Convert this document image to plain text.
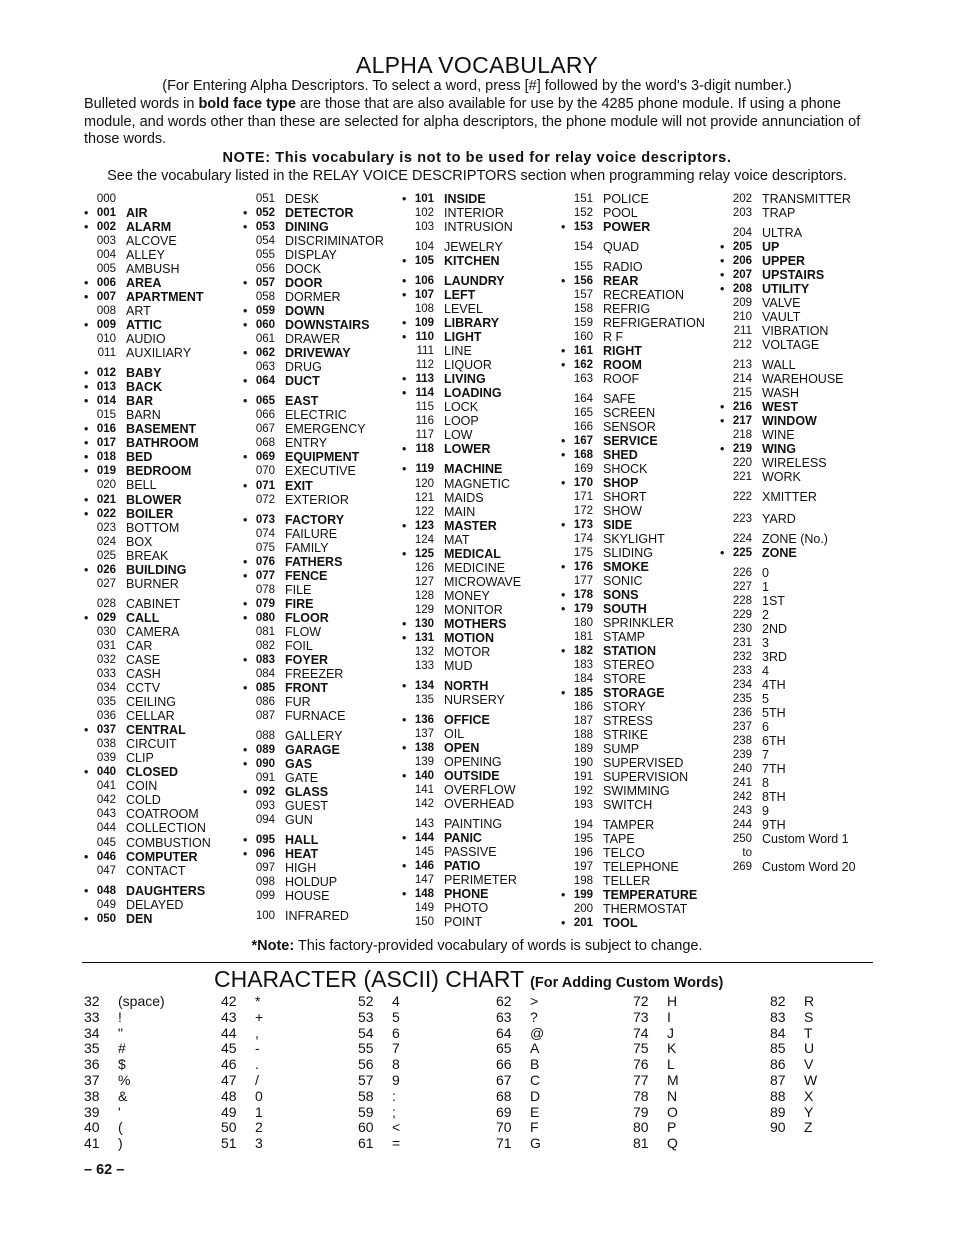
ALPHA VOCABULARY
(For Entering Alpha Descriptors. To select a word, press [#] followed by the word's 3-digit number.)
Bulleted words in bold face type are those that are also available for use by the 4285 phone module. If using a phone module, and words other than these are selected for alpha descriptors, the phone module will not provide annunciation of those words.
NOTE: This vocabulary is not to be used for relay voice descriptors.
See the vocabulary listed in the RELAY VOICE DESCRIPTORS section when programming relay voice descriptors.
000
• 001 AIR
• 002 ALARM
003 ALCOVE
004 ALLEY
005 AMBUSH
• 006 AREA
• 007 APARTMENT
008 ART
• 009 ATTIC
010 AUDIO
011 AUXILIARY
• 012 BABY
• 013 BACK
• 014 BAR
015 BARN
• 016 BASEMENT
• 017 BATHROOM
• 018 BED
• 019 BEDROOM
020 BELL
• 021 BLOWER
• 022 BOILER
023 BOTTOM
024 BOX
025 BREAK
• 026 BUILDING
027 BURNER
028 CABINET
• 029 CALL
030 CAMERA
031 CAR
032 CASE
033 CASH
034 CCTV
035 CEILING
036 CELLAR
• 037 CENTRAL
038 CIRCUIT
039 CLIP
• 040 CLOSED
041 COIN
042 COLD
043 COATROOM
044 COLLECTION
045 COMBUSTION
• 046 COMPUTER
047 CONTACT
• 048 DAUGHTERS
049 DELAYED
• 050 DEN
051 DESK
• 052 DETECTOR
• 053 DINING
054 DISCRIMINATOR
055 DISPLAY
056 DOCK
• 057 DOOR
058 DORMER
• 059 DOWN
• 060 DOWNSTAIRS
061 DRAWER
• 062 DRIVEWAY
063 DRUG
• 064 DUCT
• 065 EAST
066 ELECTRIC
067 EMERGENCY
068 ENTRY
• 069 EQUIPMENT
070 EXECUTIVE
• 071 EXIT
072 EXTERIOR
• 073 FACTORY
074 FAILURE
075 FAMILY
• 076 FATHERS
• 077 FENCE
078 FILE
• 079 FIRE
• 080 FLOOR
081 FLOW
082 FOIL
• 083 FOYER
084 FREEZER
• 085 FRONT
086 FUR
087 FURNACE
088 GALLERY
• 089 GARAGE
• 090 GAS
091 GATE
• 092 GLASS
093 GUEST
094 GUN
• 095 HALL
• 096 HEAT
097 HIGH
098 HOLDUP
099 HOUSE
100 INFRARED
• 101 INSIDE
102 INTERIOR
103 INTRUSION
104 JEWELRY
• 105 KITCHEN
• 106 LAUNDRY
• 107 LEFT
108 LEVEL
• 109 LIBRARY
• 110 LIGHT
111 LINE
112 LIQUOR
• 113 LIVING
• 114 LOADING
115 LOCK
116 LOOP
117 LOW
• 118 LOWER
• 119 MACHINE
120 MAGNETIC
121 MAIDS
122 MAIN
• 123 MASTER
124 MAT
• 125 MEDICAL
126 MEDICINE
127 MICROWAVE
128 MONEY
129 MONITOR
• 130 MOTHERS
• 131 MOTION
132 MOTOR
133 MUD
• 134 NORTH
135 NURSERY
• 136 OFFICE
137 OIL
• 138 OPEN
139 OPENING
• 140 OUTSIDE
141 OVERFLOW
142 OVERHEAD
143 PAINTING
• 144 PANIC
145 PASSIVE
• 146 PATIO
147 PERIMETER
• 148 PHONE
149 PHOTO
150 POINT
151 POLICE
152 POOL
• 153 POWER
154 QUAD
155 RADIO
• 156 REAR
157 RECREATION
158 REFRIG
159 REFRIGERATION
160 R F
• 161 RIGHT
• 162 ROOM
163 ROOF
164 SAFE
165 SCREEN
166 SENSOR
• 167 SERVICE
• 168 SHED
169 SHOCK
• 170 SHOP
171 SHORT
172 SHOW
• 173 SIDE
174 SKYLIGHT
175 SLIDING
• 176 SMOKE
177 SONIC
• 178 SONS
• 179 SOUTH
180 SPRINKLER
181 STAMP
• 182 STATION
183 STEREO
184 STORE
• 185 STORAGE
186 STORY
187 STRESS
188 STRIKE
189 SUMP
190 SUPERVISED
191 SUPERVISION
192 SWIMMING
193 SWITCH
194 TAMPER
195 TAPE
196 TELCO
197 TELEPHONE
198 TELLER
• 199 TEMPERATURE
200 THERMOSTAT
• 201 TOOL
202 TRANSMITTER
203 TRAP
204 ULTRA
• 205 UP
• 206 UPPER
• 207 UPSTAIRS
• 208 UTILITY
209 VALVE
210 VAULT
211 VIBRATION
212 VOLTAGE
213 WALL
214 WAREHOUSE
215 WASH
• 216 WEST
• 217 WINDOW
218 WINE
• 219 WING
220 WIRELESS
221 WORK
222 XMITTER
223 YARD
224 ZONE (No.)
• 225 ZONE
226 0
227 1
228 1ST
229 2
230 2ND
231 3
232 3RD
233 4
234 4TH
235 5
236 5TH
237 6
238 6TH
239 7
240 7TH
241 8
242 8TH
243 9
244 9TH
250 Custom Word 1
to
269 Custom Word 20
*Note: This factory-provided vocabulary of words is subject to change.
CHARACTER (ASCII) CHART (For Adding Custom Words)
32 (space)
33 !
34 "
35 #
36 $
37 %
38 &
39 '
40 (
41 )
42 *
43 +
44 ,
45 -
46 .
47 /
48 0
49 1
50 2
51 3
52 4
53 5
54 6
55 7
56 8
57 9
58 :
59 ;
60 <
61 =
62 >
63 ?
64 @
65 A
66 B
67 C
68 D
69 E
70 F
71 G
72 H
73 I
74 J
75 K
76 L
77 M
78 N
79 O
80 P
81 Q
82 R
83 S
84 T
85 U
86 V
87 W
88 X
89 Y
90 Z
– 62 –
